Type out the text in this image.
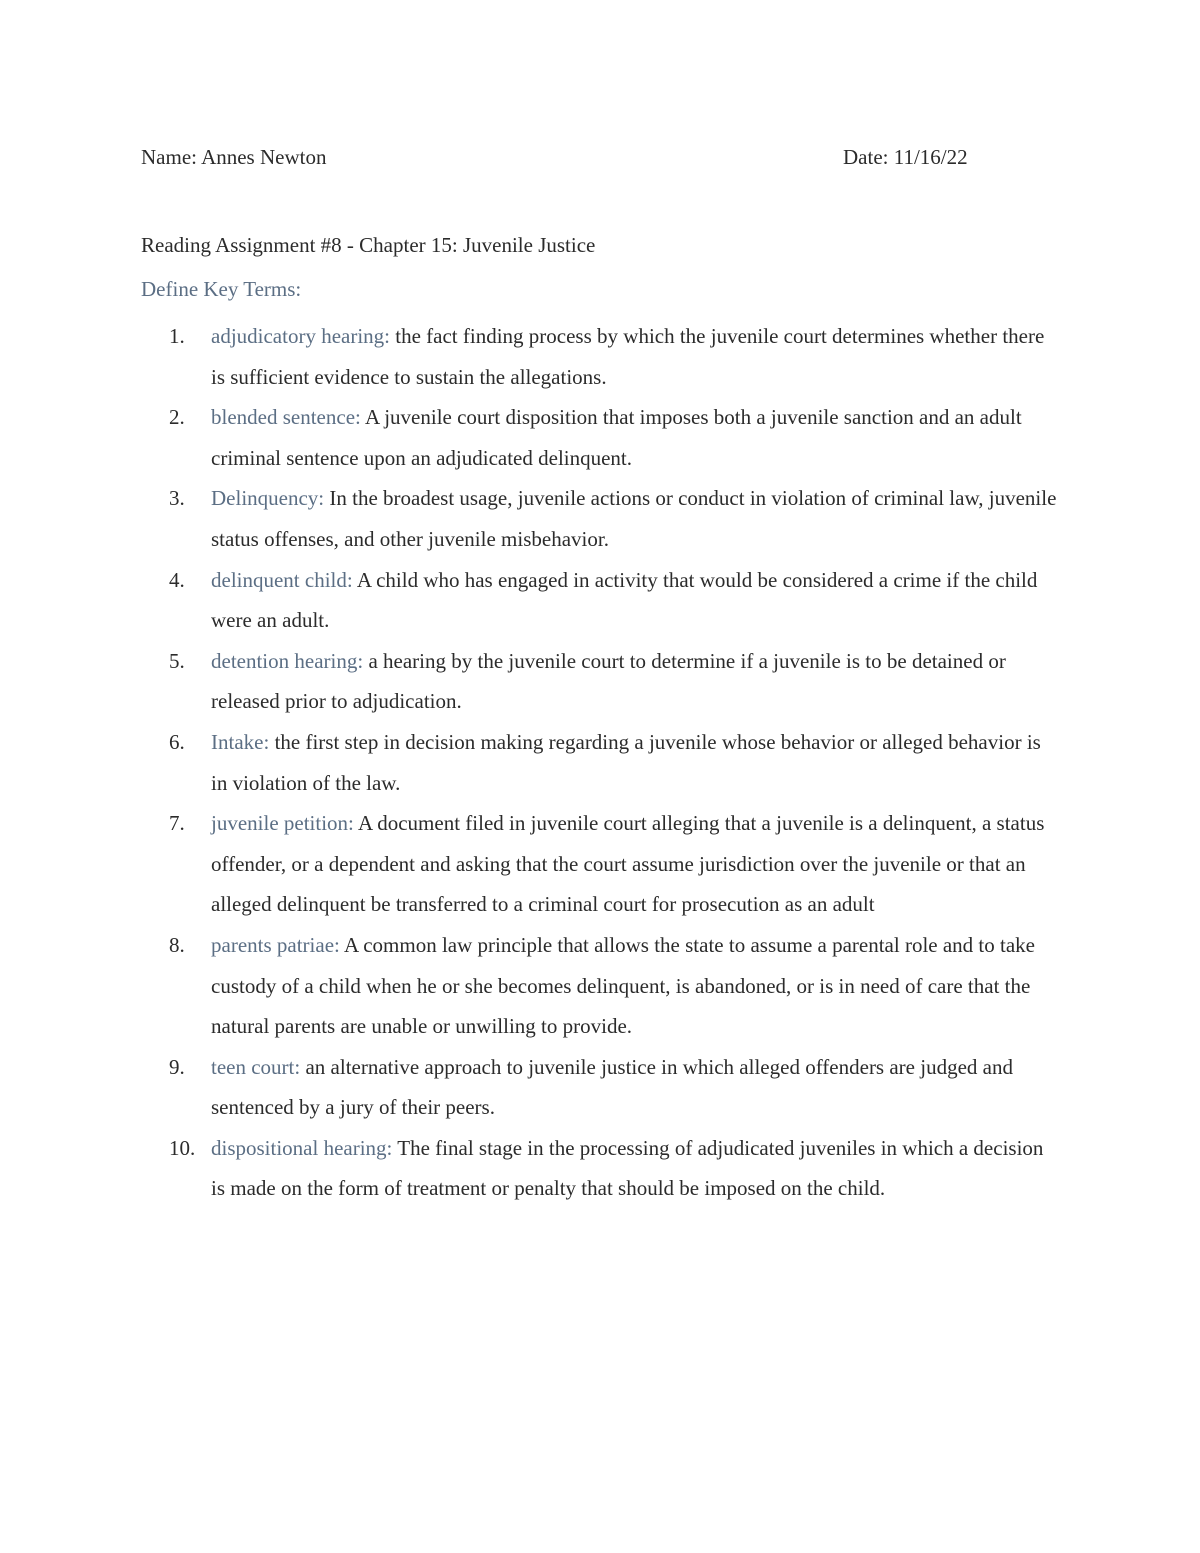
Name: Annes Newton	Date: 11/16/22
Reading Assignment #8 - Chapter 15: Juvenile Justice
Define Key Terms:
1.	adjudicatory hearing: the fact finding process by which the juvenile court determines whether there is sufficient evidence to sustain the allegations.
2.	blended sentence: A juvenile court disposition that imposes both a juvenile sanction and an adult criminal sentence upon an adjudicated delinquent.
3.	Delinquency: In the broadest usage, juvenile actions or conduct in violation of criminal law, juvenile status offenses, and other juvenile misbehavior.
4.	delinquent child: A child who has engaged in activity that would be considered a crime if the child were an adult.
5.	detention hearing: a hearing by the juvenile court to determine if a juvenile is to be detained or released prior to adjudication.
6.	Intake: the first step in decision making regarding a juvenile whose behavior or alleged behavior is in violation of the law.
7.	juvenile petition: A document filed in juvenile court alleging that a juvenile is a delinquent, a status offender, or a dependent and asking that the court assume jurisdiction over the juvenile or that an alleged delinquent be transferred to a criminal court for prosecution as an adult
8.	parents patriae: A common law principle that allows the state to assume a parental role and to take custody of a child when he or she becomes delinquent, is abandoned, or is in need of care that the natural parents are unable or unwilling to provide.
9.	teen court: an alternative approach to juvenile justice in which alleged offenders are judged and sentenced by a jury of their peers.
10. dispositional hearing: The final stage in the processing of adjudicated juveniles in which a decision is made on the form of treatment or penalty that should be imposed on the child.
